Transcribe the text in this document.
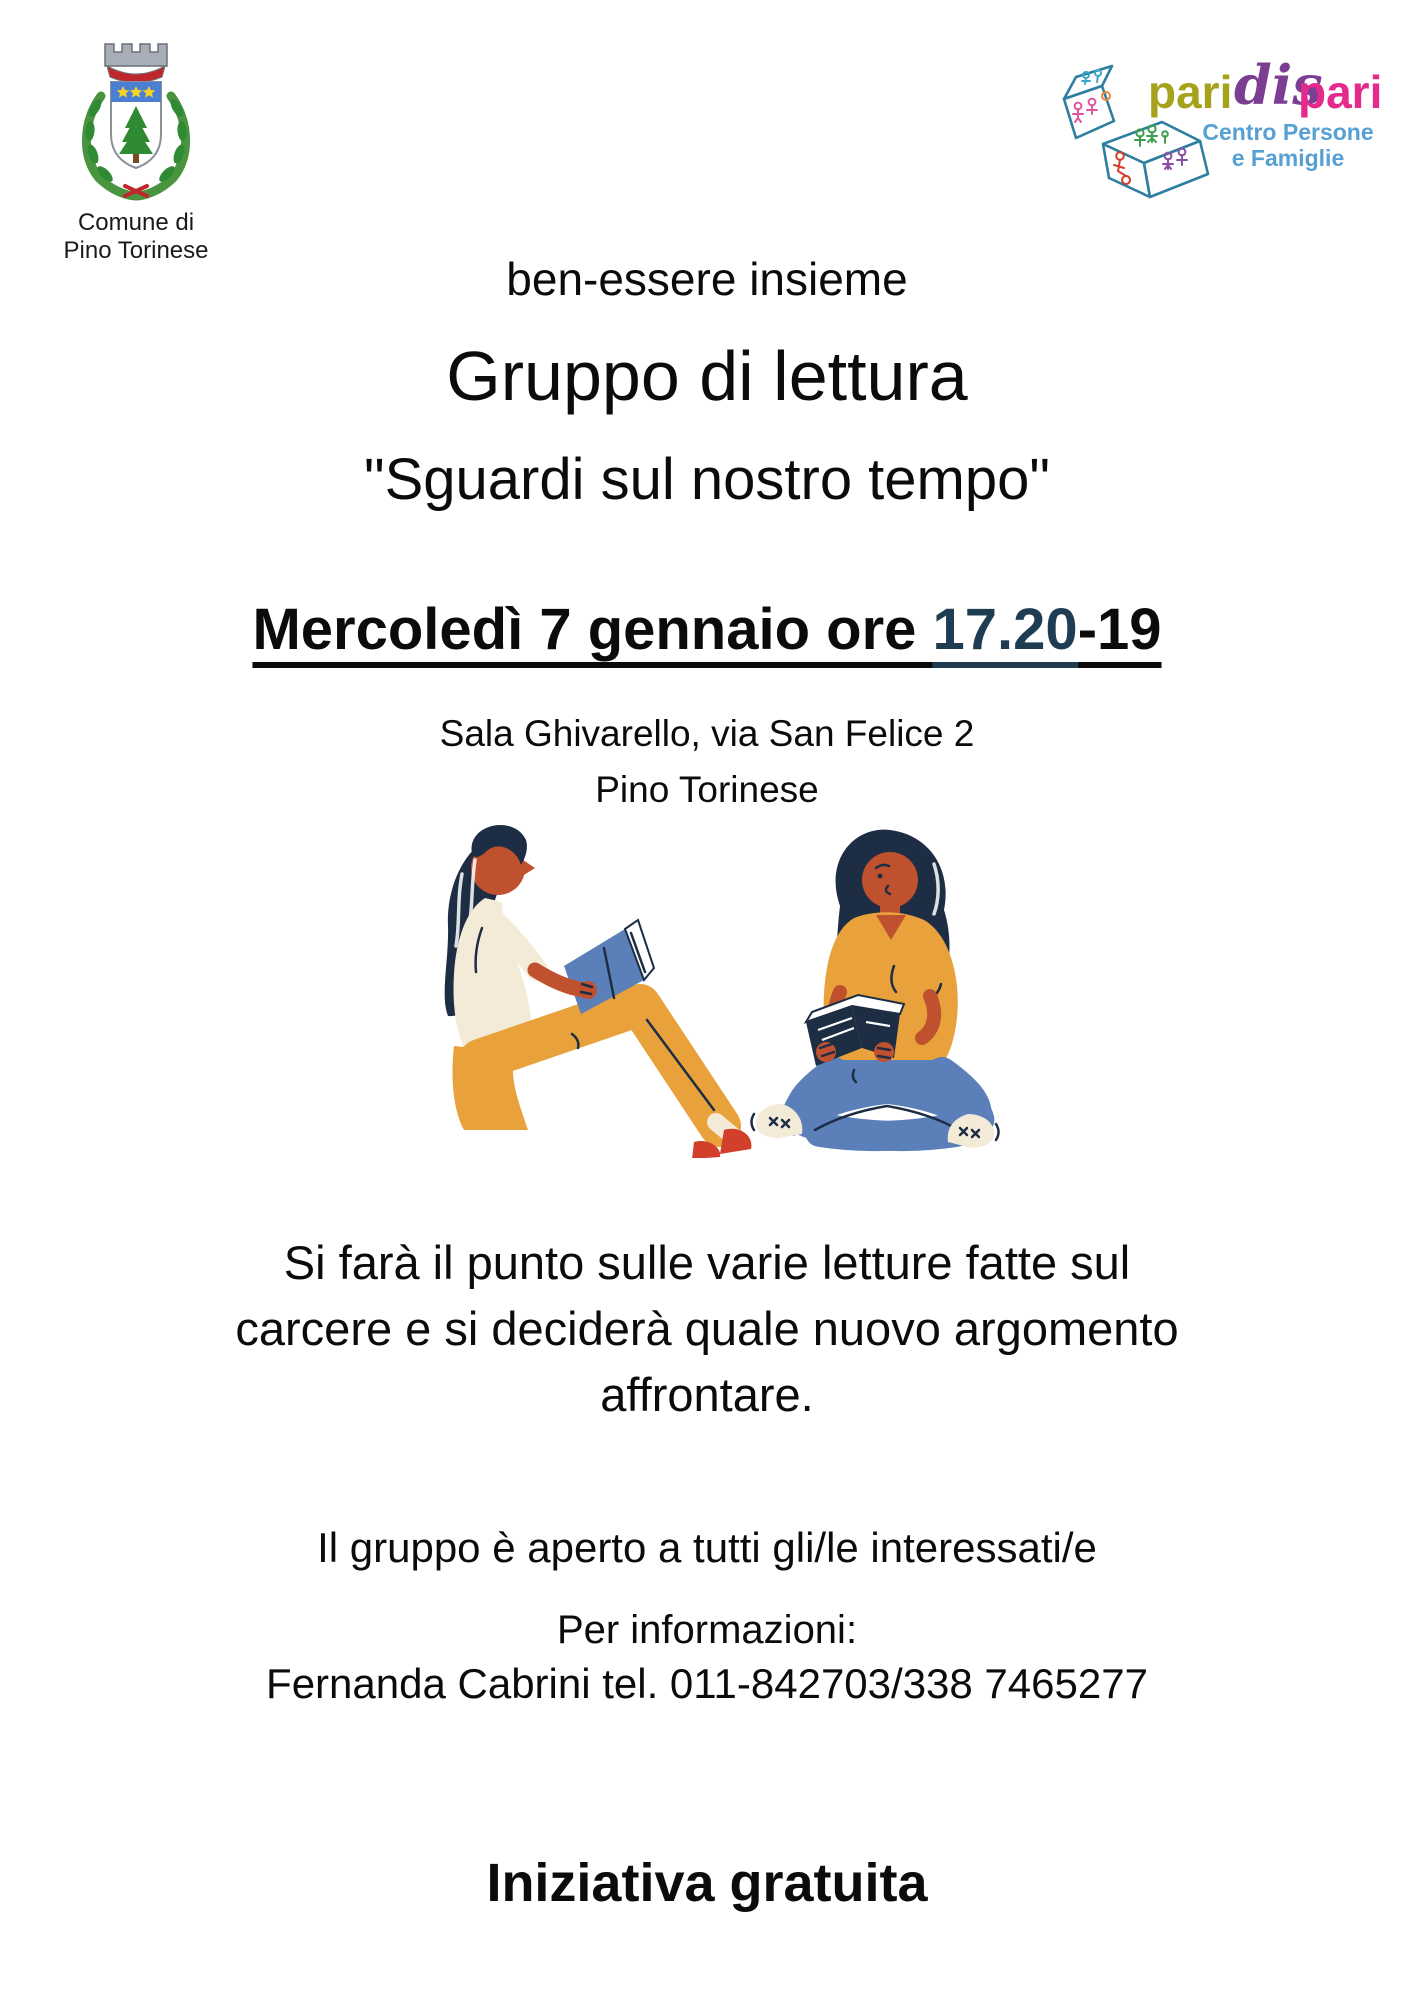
Comune di
Pino Torinese
pari dis
pari
Centro Persone
e Famiglie
ben-essere insieme
Gruppo di lettura
"Sguardi sul nostro tempo"
Mercoledì 7 gennaio ore 17.20-19
Sala Ghivarello, via San Felice 2
Pino Torinese
Si farà il punto sulle varie letture fatte sul
carcere e si deciderà quale nuovo argomento
affrontare.
Il gruppo è aperto a tutti gli/le interessati/e
Per informazioni:
Fernanda Cabrini tel. 011-842703/338 7465277
Iniziativa gratuita
